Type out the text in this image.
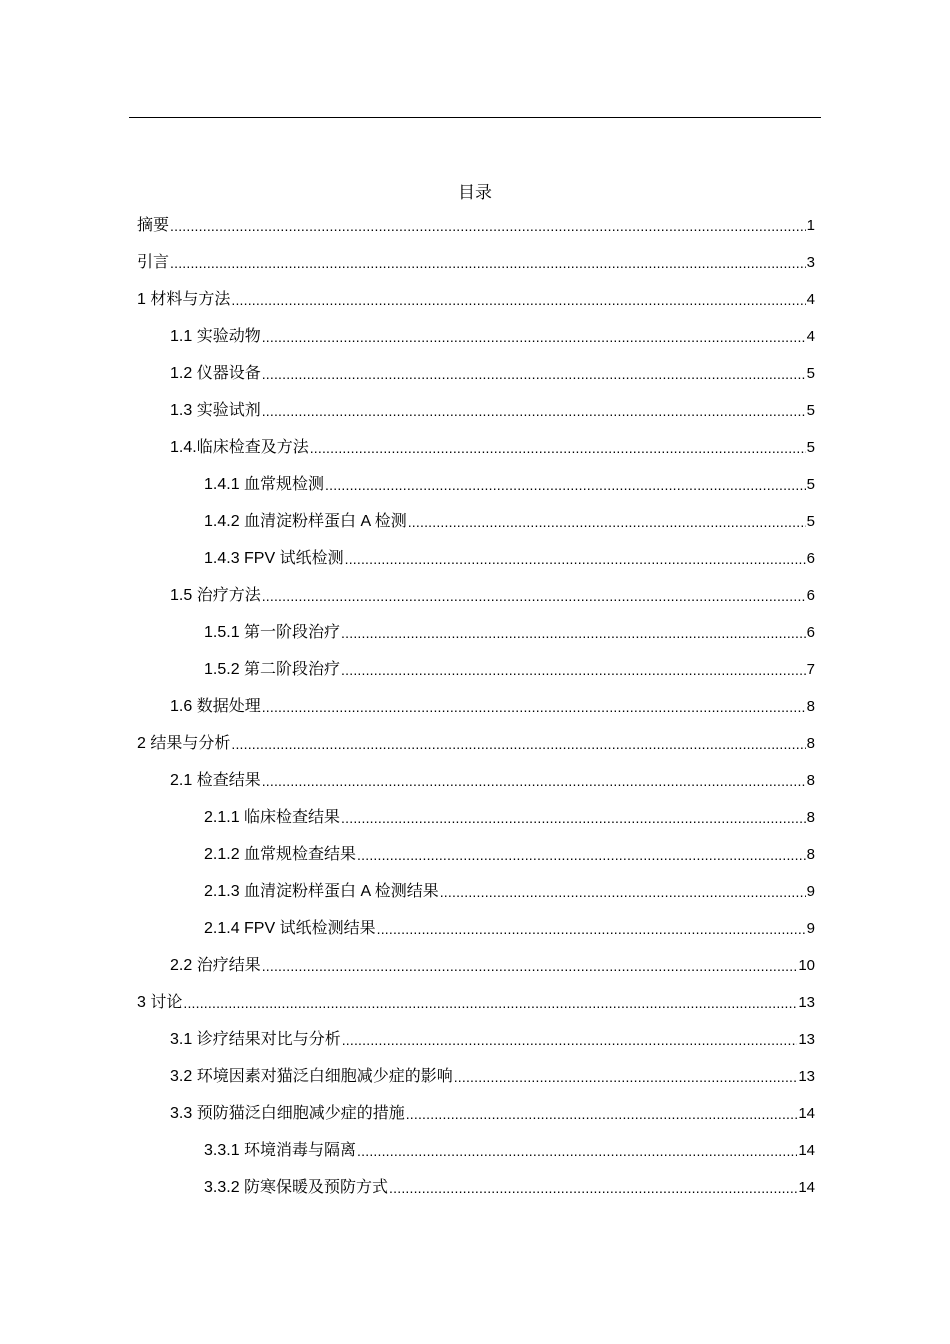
目录
摘要 .....	1
引言 .....	3
1 材料与方法 .....	4
1.1 实验动物 .....	4
1.2 仪器设备 .....	5
1.3 实验试剂 .....	5
1.4.临床检查及方法 .....	5
1.4.1 血常规检测 .....	5
1.4.2 血清淀粉样蛋白 A 检测 .....	5
1.4.3 FPV 试纸检测 .....	6
1.5 治疗方法 .....	6
1.5.1 第一阶段治疗 .....	6
1.5.2 第二阶段治疗 .....	7
1.6 数据处理 .....	8
2 结果与分析 .....	8
2.1 检查结果 .....	8
2.1.1 临床检查结果 .....	8
2.1.2 血常规检查结果 .....	8
2.1.3 血清淀粉样蛋白 A 检测结果 .....	9
2.1.4 FPV 试纸检测结果 .....	9
2.2 治疗结果 .....	10
3 讨论 .....	13
3.1 诊疗结果对比与分析 .....	13
3.2 环境因素对猫泛白细胞减少症的影响 .....	13
3.3 预防猫泛白细胞减少症的措施 .....	14
3.3.1 环境消毒与隔离 .....	14
3.3.2 防寒保暖及预防方式 .....	14
